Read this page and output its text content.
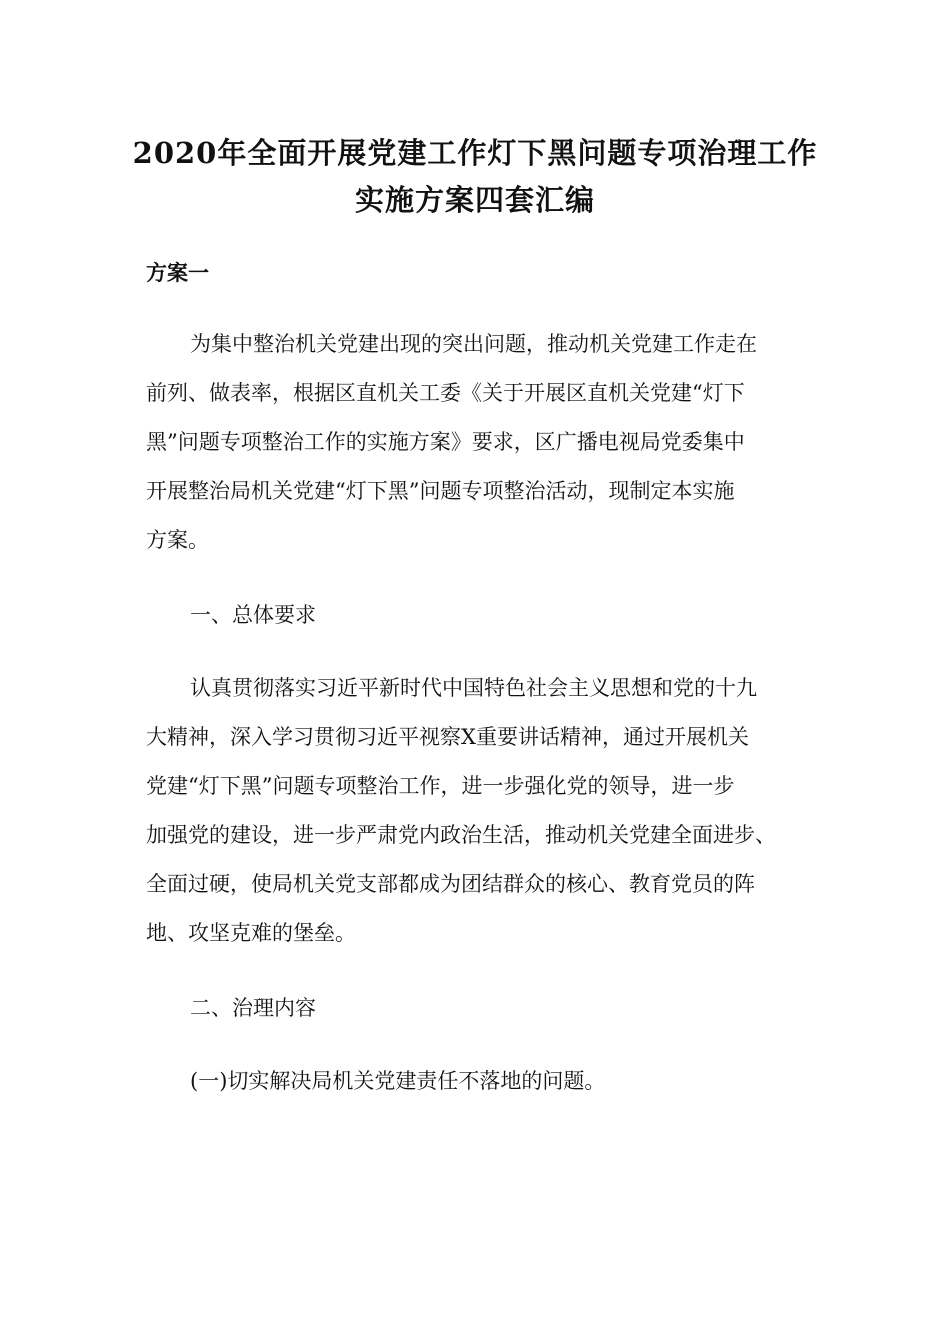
2020年全面开展党建工作灯下黑问题专项治理工作
实施方案四套汇编
方案一
为集中整治机关党建出现的突出问题，推动机关党建工作走在
前列、做表率，根据区直机关工委《关于开展区直机关党建“灯下
黑”问题专项整治工作的实施方案》要求，区广播电视局党委集中
开展整治局机关党建“灯下黑”问题专项整治活动，现制定本实施
方案。
一、总体要求
认真贯彻落实习近平新时代中国特色社会主义思想和党的十九
大精神，深入学习贯彻习近平视察X重要讲话精神，通过开展机关
党建“灯下黑”问题专项整治工作，进一步强化党的领导，进一步
加强党的建设，进一步严肃党内政治生活，推动机关党建全面进步、
全面过硬，使局机关党支部都成为团结群众的核心、教育党员的阵
地、攻坚克难的堡垒。
二、治理内容
(一)切实解决局机关党建责任不落地的问题。
